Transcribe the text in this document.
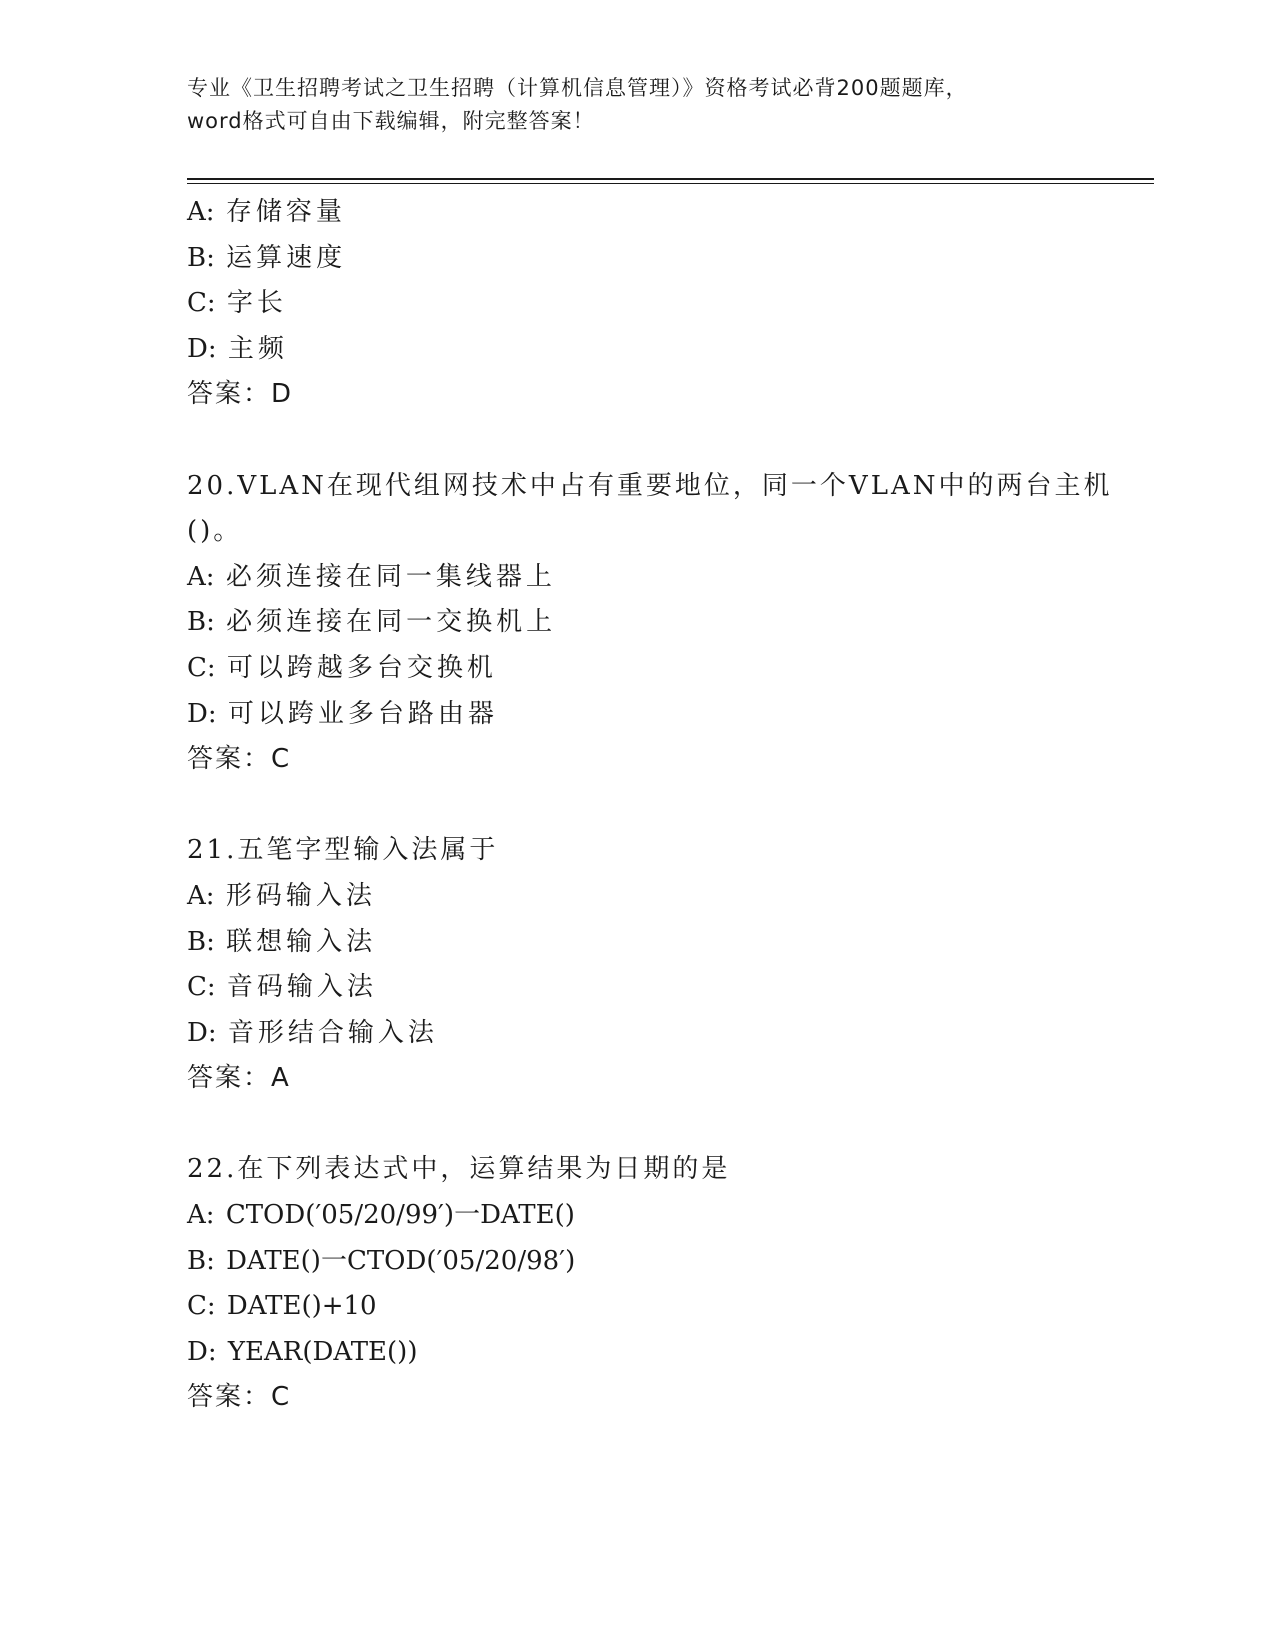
专业《卫生招聘考试之卫生招聘（计算机信息管理）》资格考试必背200题题库，
word格式可自由下载编辑，附完整答案！
A: 存储容量
B: 运算速度
C: 字长
D: 主频
答案：D
20.VLAN在现代组网技术中占有重要地位，同一个VLAN中的两台主机
()。
A: 必须连接在同一集线器上
B: 必须连接在同一交换机上
C: 可以跨越多台交换机
D: 可以跨业多台路由器
答案：C
21.五笔字型输入法属于
A: 形码输入法
B: 联想输入法
C: 音码输入法
D: 音形结合输入法
答案：A
22.在下列表达式中，运算结果为日期的是
A: CTOD(′05/20/99′)一DATE()
B: DATE()一CTOD(′05/20/98′)
C: DATE()+10
D: YEAR(DATE())
答案：C
